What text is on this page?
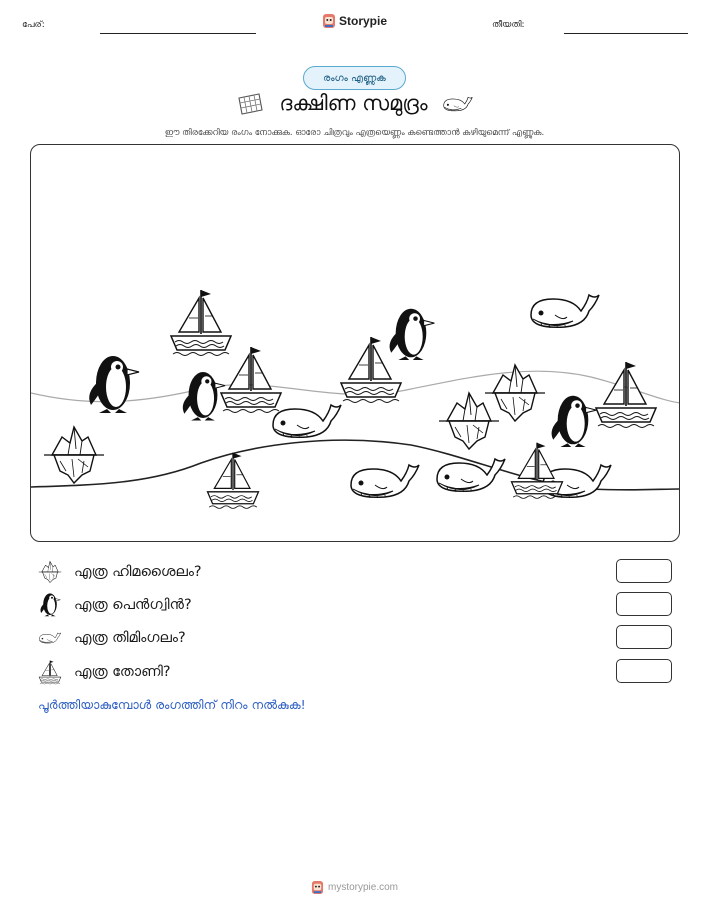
പേര്:	Storypie	തീയതി:
രംഗം എണ്ണുക
ദക്ഷിണ സമുദ്രം
ഈ തിരക്കേറിയ രംഗം നോക്കുക. ഓരോ ചിത്രവും എത്രയെണ്ണം കണ്ടെത്താൻ കഴിയുമെന്ന് എണ്ണുക.
എത്ര ഹിമശൈലം?
എത്ര പെൻഗ്വിൻ?
എത്ര തിമിംഗലം?
എത്ര തോണി?
പൂർത്തിയാകുമ്പോൾ രംഗത്തിന് നിറം നൽകുക!
mystorypie.com
